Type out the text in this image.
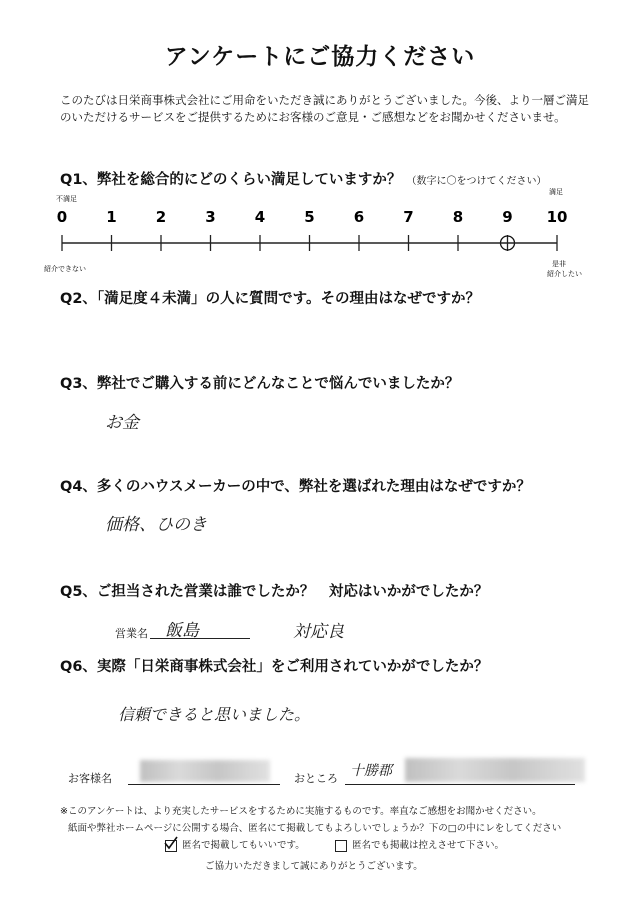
アンケートにご協力ください
このたびは日栄商事株式会社にご用命をいただき誠にありがとうございました。今後、より一層ご満足のいただけるサービスをご提供するためにお客様のご意見・ご感想などをお聞かせくださいませ。
Q1、弊社を総合的にどのくらい満足していますか？ （数字に〇をつけてください）
不満足
満足
0	1	2	3	4	5	6	7	8	9 10
紹介できない
是非
紹介したい
Q2、「満足度４未満」の人に質問です。その理由はなぜですか？
Q3、弊社でご購入する前にどんなことで悩んでいましたか？
お金
Q4、多くのハウスメーカーの中で、弊社を選ばれた理由はなぜですか？
価格、ひのき
Q5、ご担当された営業は誰でしたか？　対応はいかがでしたか？
営業名 飯島	対応良
Q6、実際「日栄商事株式会社」をご利用されていかがでしたか？
信頼できると思いました。
お客様名	おところ 十勝郡
※このアンケートは、より充実したサービスをするために実施するものです。率直なご感想をお聞かせください。
紙面や弊社ホームページに公開する場合、匿名にて掲載してもよろしいでしょうか？下の□の中にレをしてください
匿名で掲載してもいいです。	匿名でも掲載は控えさせて下さい。
ご協力いただきまして誠にありがとうございます。
